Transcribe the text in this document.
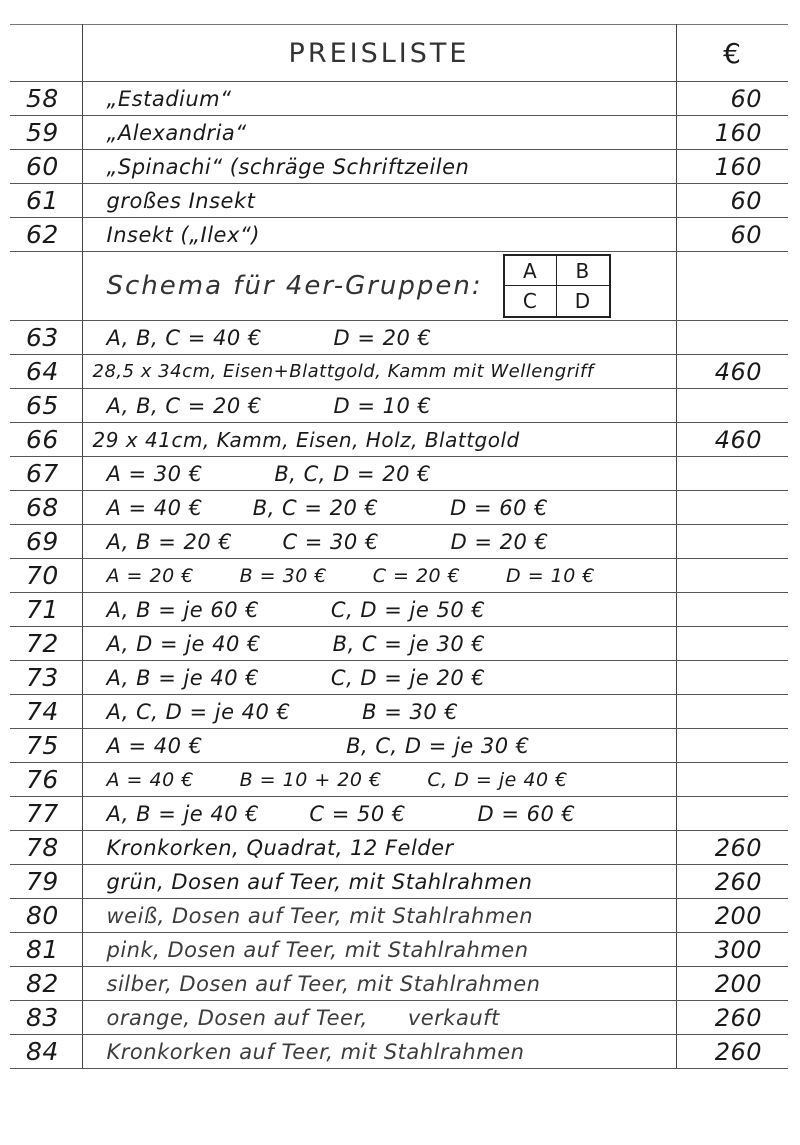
	PREISLISTE	€
58	„Estadium“	60
59	„Alexandria“	160
60	„Spinachi“ (schräge Schriftzeilen	160
61	großes Insekt	60
62	Insekt („Ilex“)	60

	Schema für 4er-Gruppen:
A B
C D	

63	A, B, C = 40 €          D = 20 €	
64	28,5 x 34cm, Eisen+Blattgold, Kamm mit Wellengriff	460
65	A, B, C = 20 €          D = 10 €	
66	29 x 41cm, Kamm, Eisen, Holz, Blattgold	460
67	A = 30 €          B, C, D = 20 €	
68	A = 40 €       B, C = 20 €          D = 60 €	
69	A, B = 20 €       C = 30 €          D = 20 €	
70	A = 20 €       B = 30 €       C = 20 €       D = 10 €	
71	A, B = je 60 €          C, D = je 50 €	
72	A, D = je 40 €          B, C = je 30 €	
73	A, B = je 40 €          C, D = je 20 €	
74	A, C, D = je 40 €          B = 30 €	
75	A = 40 €                    B, C, D = je 30 €	
76	A = 40 €       B = 10 + 20 €       C, D = je 40 €	
77	A, B = je 40 €       C = 50 €          D = 60 €	
78	Kronkorken, Quadrat, 12 Felder	260
79	grün, Dosen auf Teer, mit Stahlrahmen	260
80	weiß, Dosen auf Teer, mit Stahlrahmen	200
81	pink, Dosen auf Teer, mit Stahlrahmen	300
82	silber, Dosen auf Teer, mit Stahlrahmen	200
83	orange, Dosen auf Teer, verkauft	260
84	Kronkorken auf Teer, mit Stahlrahmen	260
